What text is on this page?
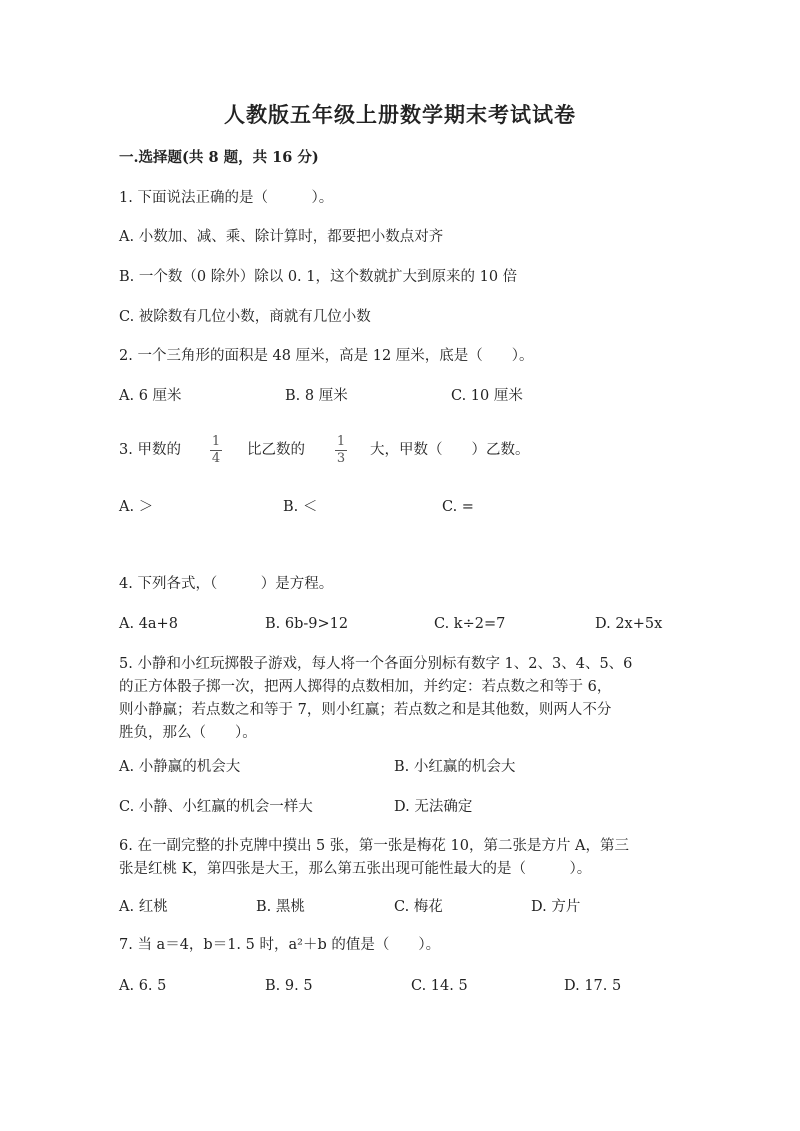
人教版五年级上册数学期末考试试卷
一.选择题(共 8 题，共 16 分)
1. 下面说法正确的是（　　　）。
A. 小数加、减、乘、除计算时，都要把小数点对齐
B. 一个数（0 除外）除以 0. 1，这个数就扩大到原来的 10 倍
C. 被除数有几位小数，商就有几位小数
2. 一个三角形的面积是 48 厘米，高是 12 厘米，底是（　　）。
A. 6 厘米	B. 8 厘米	C. 10 厘米
3. 甲数的
1
4
比乙数的
1
3
大，甲数（　　）乙数。
A. ＞	B. ＜	C. =
4. 下列各式，（　　　）是方程。
A. 4a+8	B. 6b-9>12	C. k÷2=7	D. 2x+5x
5. 小静和小红玩掷骰子游戏，每人将一个各面分别标有数字 1、2、3、4、5、6
的正方体骰子掷一次，把两人掷得的点数相加，并约定：若点数之和等于 6，
则小静赢；若点数之和等于 7，则小红赢；若点数之和是其他数，则两人不分
胜负，那么（　　）。
A. 小静赢的机会大	B. 小红赢的机会大
C. 小静、小红赢的机会一样大	D. 无法确定
6. 在一副完整的扑克牌中摸出 5 张，第一张是梅花 10，第二张是方片 A，第三
张是红桃 K，第四张是大王，那么第五张出现可能性最大的是（　　　）。
A. 红桃	B. 黑桃	C. 梅花	D. 方片
7. 当 a＝4，b＝1. 5 时，a²＋b 的值是（　　）。
A. 6. 5	B. 9. 5	C. 14. 5	D. 17. 5
